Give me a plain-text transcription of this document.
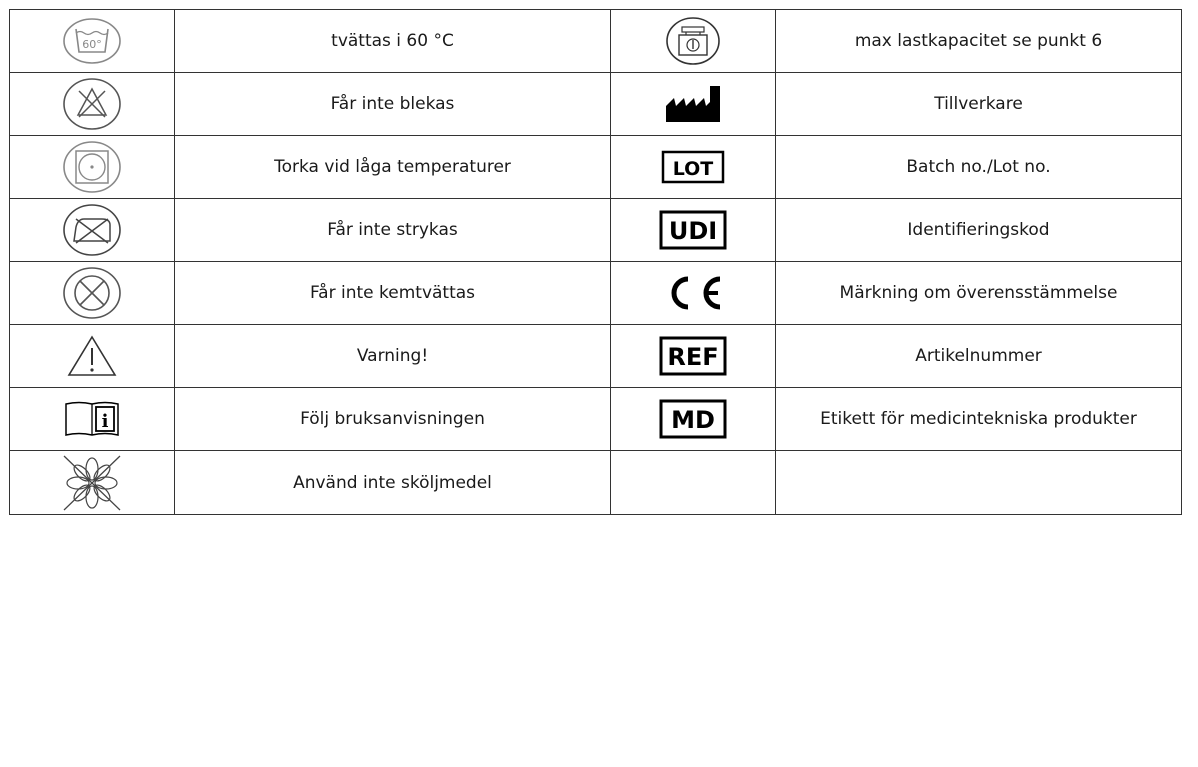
60°	tvättas i 60 °C		max lastkapacitet se punkt 6

	Får inte blekas		Tillverkare

	Torka vid låga temperaturer	LOT	Batch no./Lot no.

	Får inte strykas	UDI	Identifieringskod

	Får inte kemtvättas		Märkning om överensstämmelse

	Varning!	REF	Artikelnummer

i	Följ bruksanvisningen	MD	Etikett för medicintekniska produkter

	Använd inte sköljmedel		
